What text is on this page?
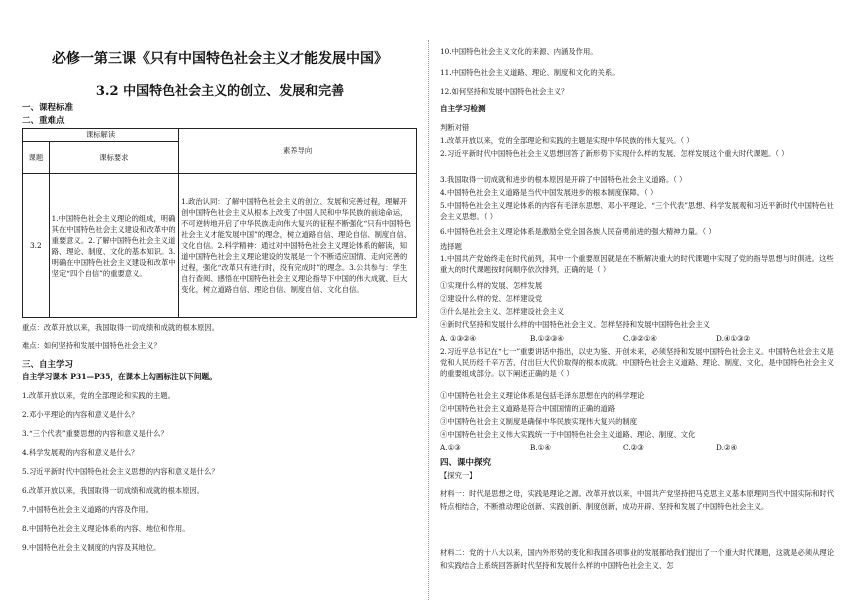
必修一第三课《只有中国特色社会主义才能发展中国》
3.2 中国特色社会主义的创立、发展和完善
一、课程标准
二、重难点
课标解读		素养导向
课题	课标要求	
3.2	1.中国特色社会主义理论的组成，明确其在中国特色社会主义建设和改革中的重要意义。2.了解中国特色社会主义道路、理论、制度、文化的基本知识。3.明确在中国特色社会主义建设和改革中坚定“四个自信”的重要意义。	1.政治认同：了解中国特色社会主义的创立、发展和完善过程，理解开创中国特色社会主义从根本上改变了中国人民和中华民族的前途命运，不可逆转地开启了中华民族走向伟大复兴的征程不断强化“只有中国特色社会主义才能发展中国”的理念，树立道路自信、理论自信、制度自信、文化自信。2.科学精神：通过对中国特色社会主义理论体系的解读，知道中国特色社会主义理论建设的发展是一个不断适应国情、走向完善的过程，强化“改革只有进行时，没有完成时”的理念。3.公共参与：学生自行查阅、感悟在中国特色社会主义理论指导下中国的伟大成就、巨大变化，树立道路自信、理论自信、制度自信、文化自信。
重点：改革开放以来，我国取得一切成绩和成就的根本原因。
难点：如何坚持和发展中国特色社会主义？
三、自主学习
自主学习课本 P31—P35，在课本上勾画标注以下问题。
1.改革开放以来，党的全部理论和实践的主题。
2.邓小平理论的内容和意义是什么？
3.“三个代表”重要思想的内容和意义是什么？
4.科学发展观的内容和意义是什么？
5.习近平新时代中国特色社会主义思想的内容和意义是什么？
6.改革开放以来，我国取得一切成绩和成就的根本原因。
7.中国特色社会主义道路的内容及作用。
8.中国特色社会主义理论体系的内容、地位和作用。
9.中国特色社会主义制度的内容及其地位。
10.中国特色社会主义文化的来源、内涵及作用。
11.中国特色社会主义道路、理论、制度和文化的关系。
12.如何坚持和发展中国特色社会主义？
自主学习检测
判断对错
1.改革开放以来，党的全部理论和实践的主题是实现中华民族的伟大复兴。（ ）
2.习近平新时代中国特色社会主义思想回答了新形势下实现什么样的发展、怎样发展这个重大时代课题。（ ）
3.我国取得一切成就和进步的根本原因是开辟了中国特色社会主义道路。（ ）
4.中国特色社会主义道路是当代中国发展进步的根本制度保障。（ ）
5.中国特色社会主义理论体系的内容有毛泽东思想、邓小平理论、“三个代表”思想、科学发展观和习近平新时代中国特色社会主义思想。（ ）
6.中国特色社会主义理论体系是激励全党全国各族人民奋勇前进的强大精神力量。（ ）
选择题
1.中国共产党始终走在时代前列，其中一个重要原因就是在不断解决重大的时代课题中实现了党的指导思想与时俱进。这些重大的时代课题按时间顺序依次排列，正确的是（ ）
①实现什么样的发展、怎样发展
②建设什么样的党、怎样建设党
③什么是社会主义、怎样建设社会主义
④新时代坚持和发展什么样的中国特色社会主义、怎样坚持和发展中国特色社会主义
A. ①③②④	B.①②③④	C.③②①④	D.④①③②
2.习近平总书记在“七一”重要讲话中指出，以史为鉴、开创未来，必须坚持和发展中国特色社会主义。中国特色社会主义是党和人民历经千辛万苦、付出巨大代价取得的根本成就。中国特色社会主义道路、理论、制度、文化，是中国特色社会主义的重要组成部分。以下阐述正确的是（ ）
①中国特色社会主义理论体系是包括毛泽东思想在内的科学理论
②中国特色社会主义道路是符合中国国情的正确的道路
③中国特色社会主义制度是确保中华民族实现伟大复兴的制度
④中国特色社会主义伟大实践统一于中国特色社会主义道路、理论、制度、文化
A.①③	B.①④	C.②③	D.②④
四、课中探究
【探究一】
材料一：时代是思想之母，实践是理论之源。改革开放以来，中国共产党坚持把马克思主义基本原理同当代中国实际和时代特点相结合，不断推动理论创新、实践创新、制度创新，成功开辟、坚持和发展了中国特色社会主义。
材料二：党的十八大以来，国内外形势的变化和我国各项事业的发展都给我们提出了一个重大时代课题，这就是必须从理论和实践结合上系统回答新时代坚持和发展什么样的中国特色社会主义、怎
